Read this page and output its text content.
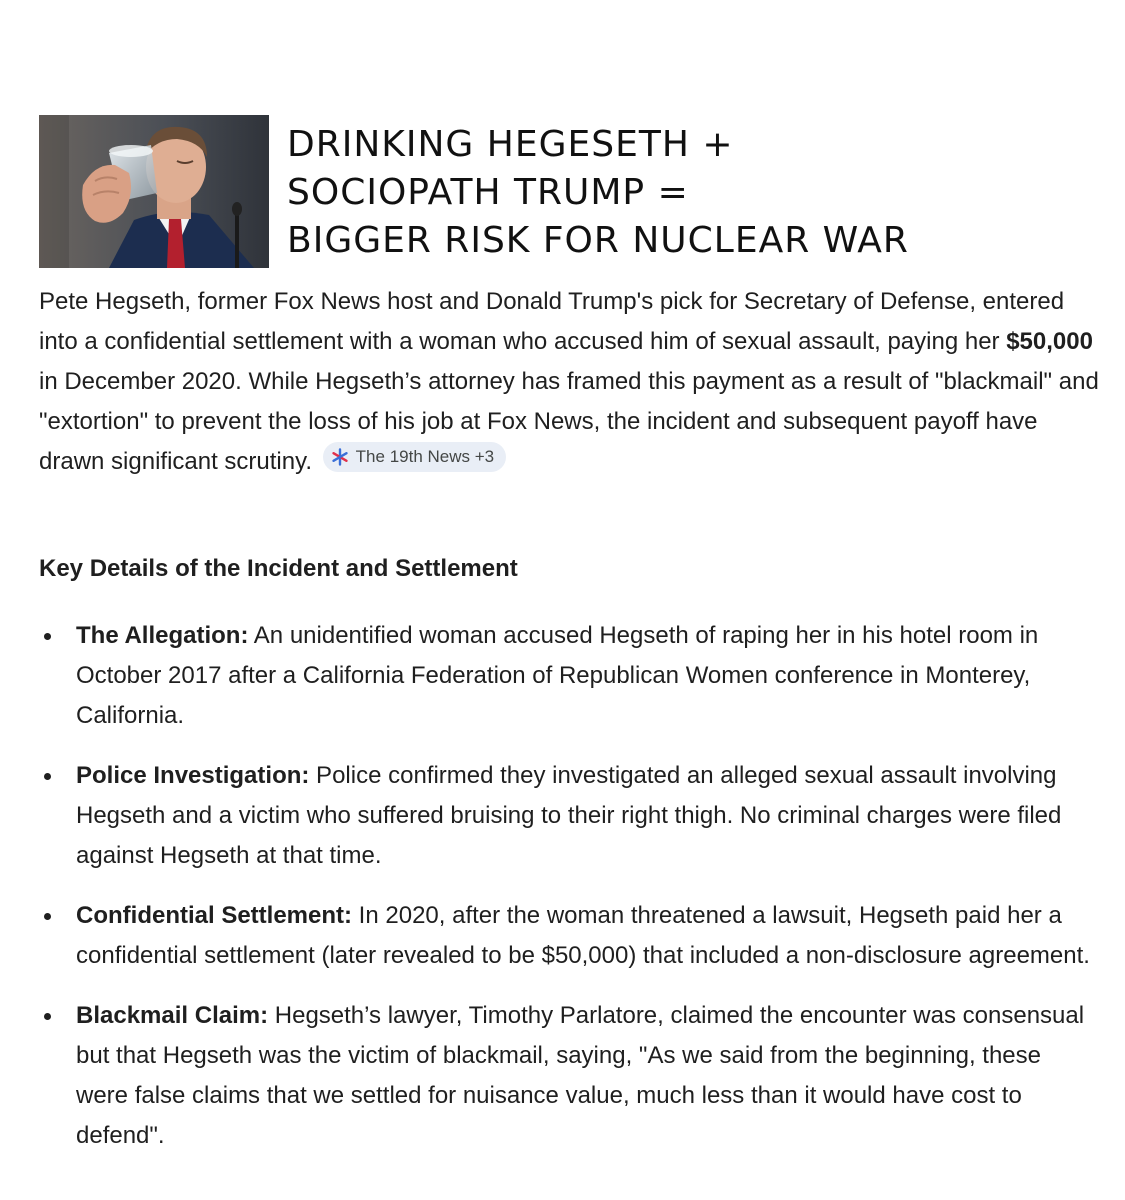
DRINKING HEGESETH +
SOCIOPATH TRUMP =
BIGGER RISK FOR NUCLEAR WAR

Pete Hegseth, former Fox News host and Donald Trump's pick for Secretary of Defense, entered into a confidential settlement with a woman who accused him of sexual assault, paying her $50,000 in December 2020. While Hegseth’s attorney has framed this payment as a result of "blackmail" and "extortion" to prevent the loss of his job at Fox News, the incident and subsequent payoff have drawn significant scrutiny.	The 19th News +3

Key Details of the Incident and Settlement
The Allegation: An unidentified woman accused Hegseth of raping her in his hotel room in October 2017 after a California Federation of Republican Women conference in Monterey, California.
Police Investigation: Police confirmed they investigated an alleged sexual assault involving Hegseth and a victim who suffered bruising to their right thigh. No criminal charges were filed against Hegseth at that time.
Confidential Settlement: In 2020, after the woman threatened a lawsuit, Hegseth paid her a confidential settlement (later revealed to be $50,000) that included a non-disclosure agreement.
Blackmail Claim: Hegseth’s lawyer, Timothy Parlatore, claimed the encounter was consensual but that Hegseth was the victim of blackmail, saying, "As we said from the beginning, these were false claims that we settled for nuisance value, much less than it would have cost to defend".
